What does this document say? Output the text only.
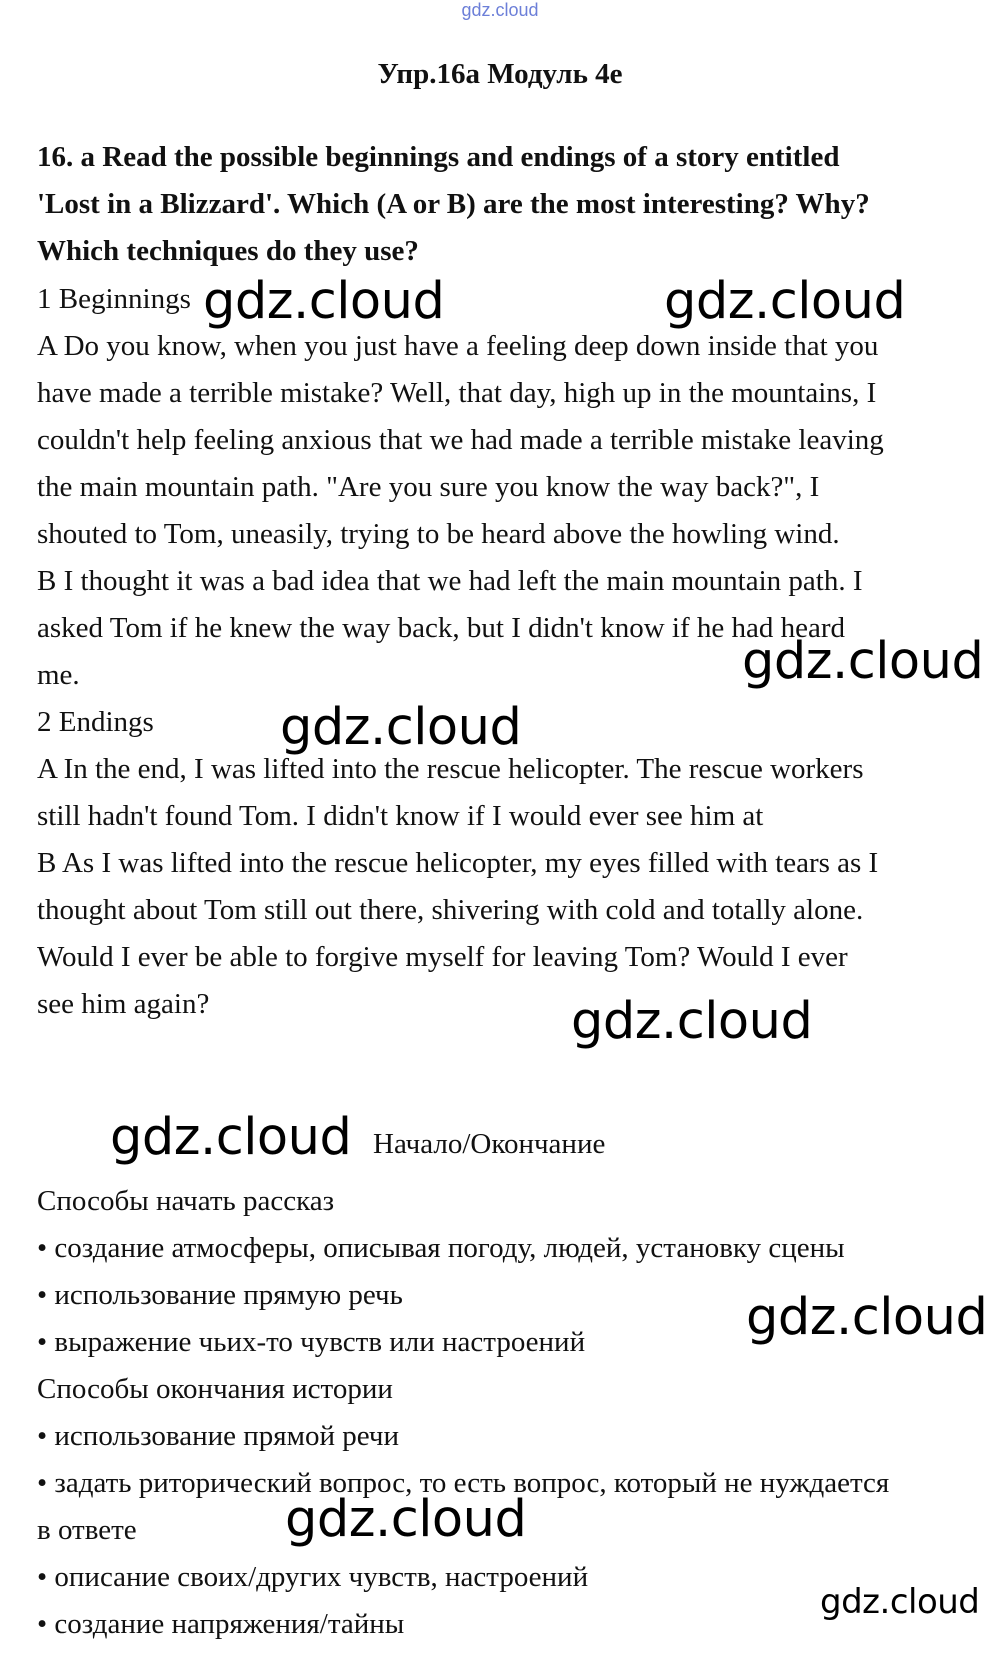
gdz.cloud
Упр.16а Модуль 4е

16. a Read the possible beginnings and endings of a story entitled

'Lost in a Blizzard'. Which (A or B) are the most interesting? Why?

Which techniques do they use?

1 Beginnings

A Do you know, when you just have a feeling deep down inside that you

have made a terrible mistake? Well, that day, high up in the mountains, I

couldn't help feeling anxious that we had made a terrible mistake leaving

the main mountain path. "Are you sure you know the way back?", I

shouted to Tom, uneasily, trying to be heard above the howling wind.

B I thought it was a bad idea that we had left the main mountain path. I

asked Tom if he knew the way back, but I didn't know if he had heard

me.

2 Endings

A In the end, I was lifted into the rescue helicopter. The rescue workers

still hadn't found Tom. I didn't know if I would ever see him at

B As I was lifted into the rescue helicopter, my eyes filled with tears as I

thought about Tom still out there, shivering with cold and totally alone.

Would I ever be able to forgive myself for leaving Tom? Would I ever

see him again?

Начало/Окончание

Способы начать рассказ

• создание атмосферы, описывая погоду, людей, установку сцены

• использование прямую речь

• выражение чьих-то чувств или настроений

Способы окончания истории

• использование прямой речи

• задать риторический вопрос, то есть вопрос, который не нуждается

в ответе

• описание своих/других чувств, настроений

• создание напряжения/тайны

gdz.cloud	gdz.cloud
gdz.cloud
gdz.cloud
gdz.cloud
gdz.cloud
gdz.cloud
gdz.cloud
gdz.cloud
